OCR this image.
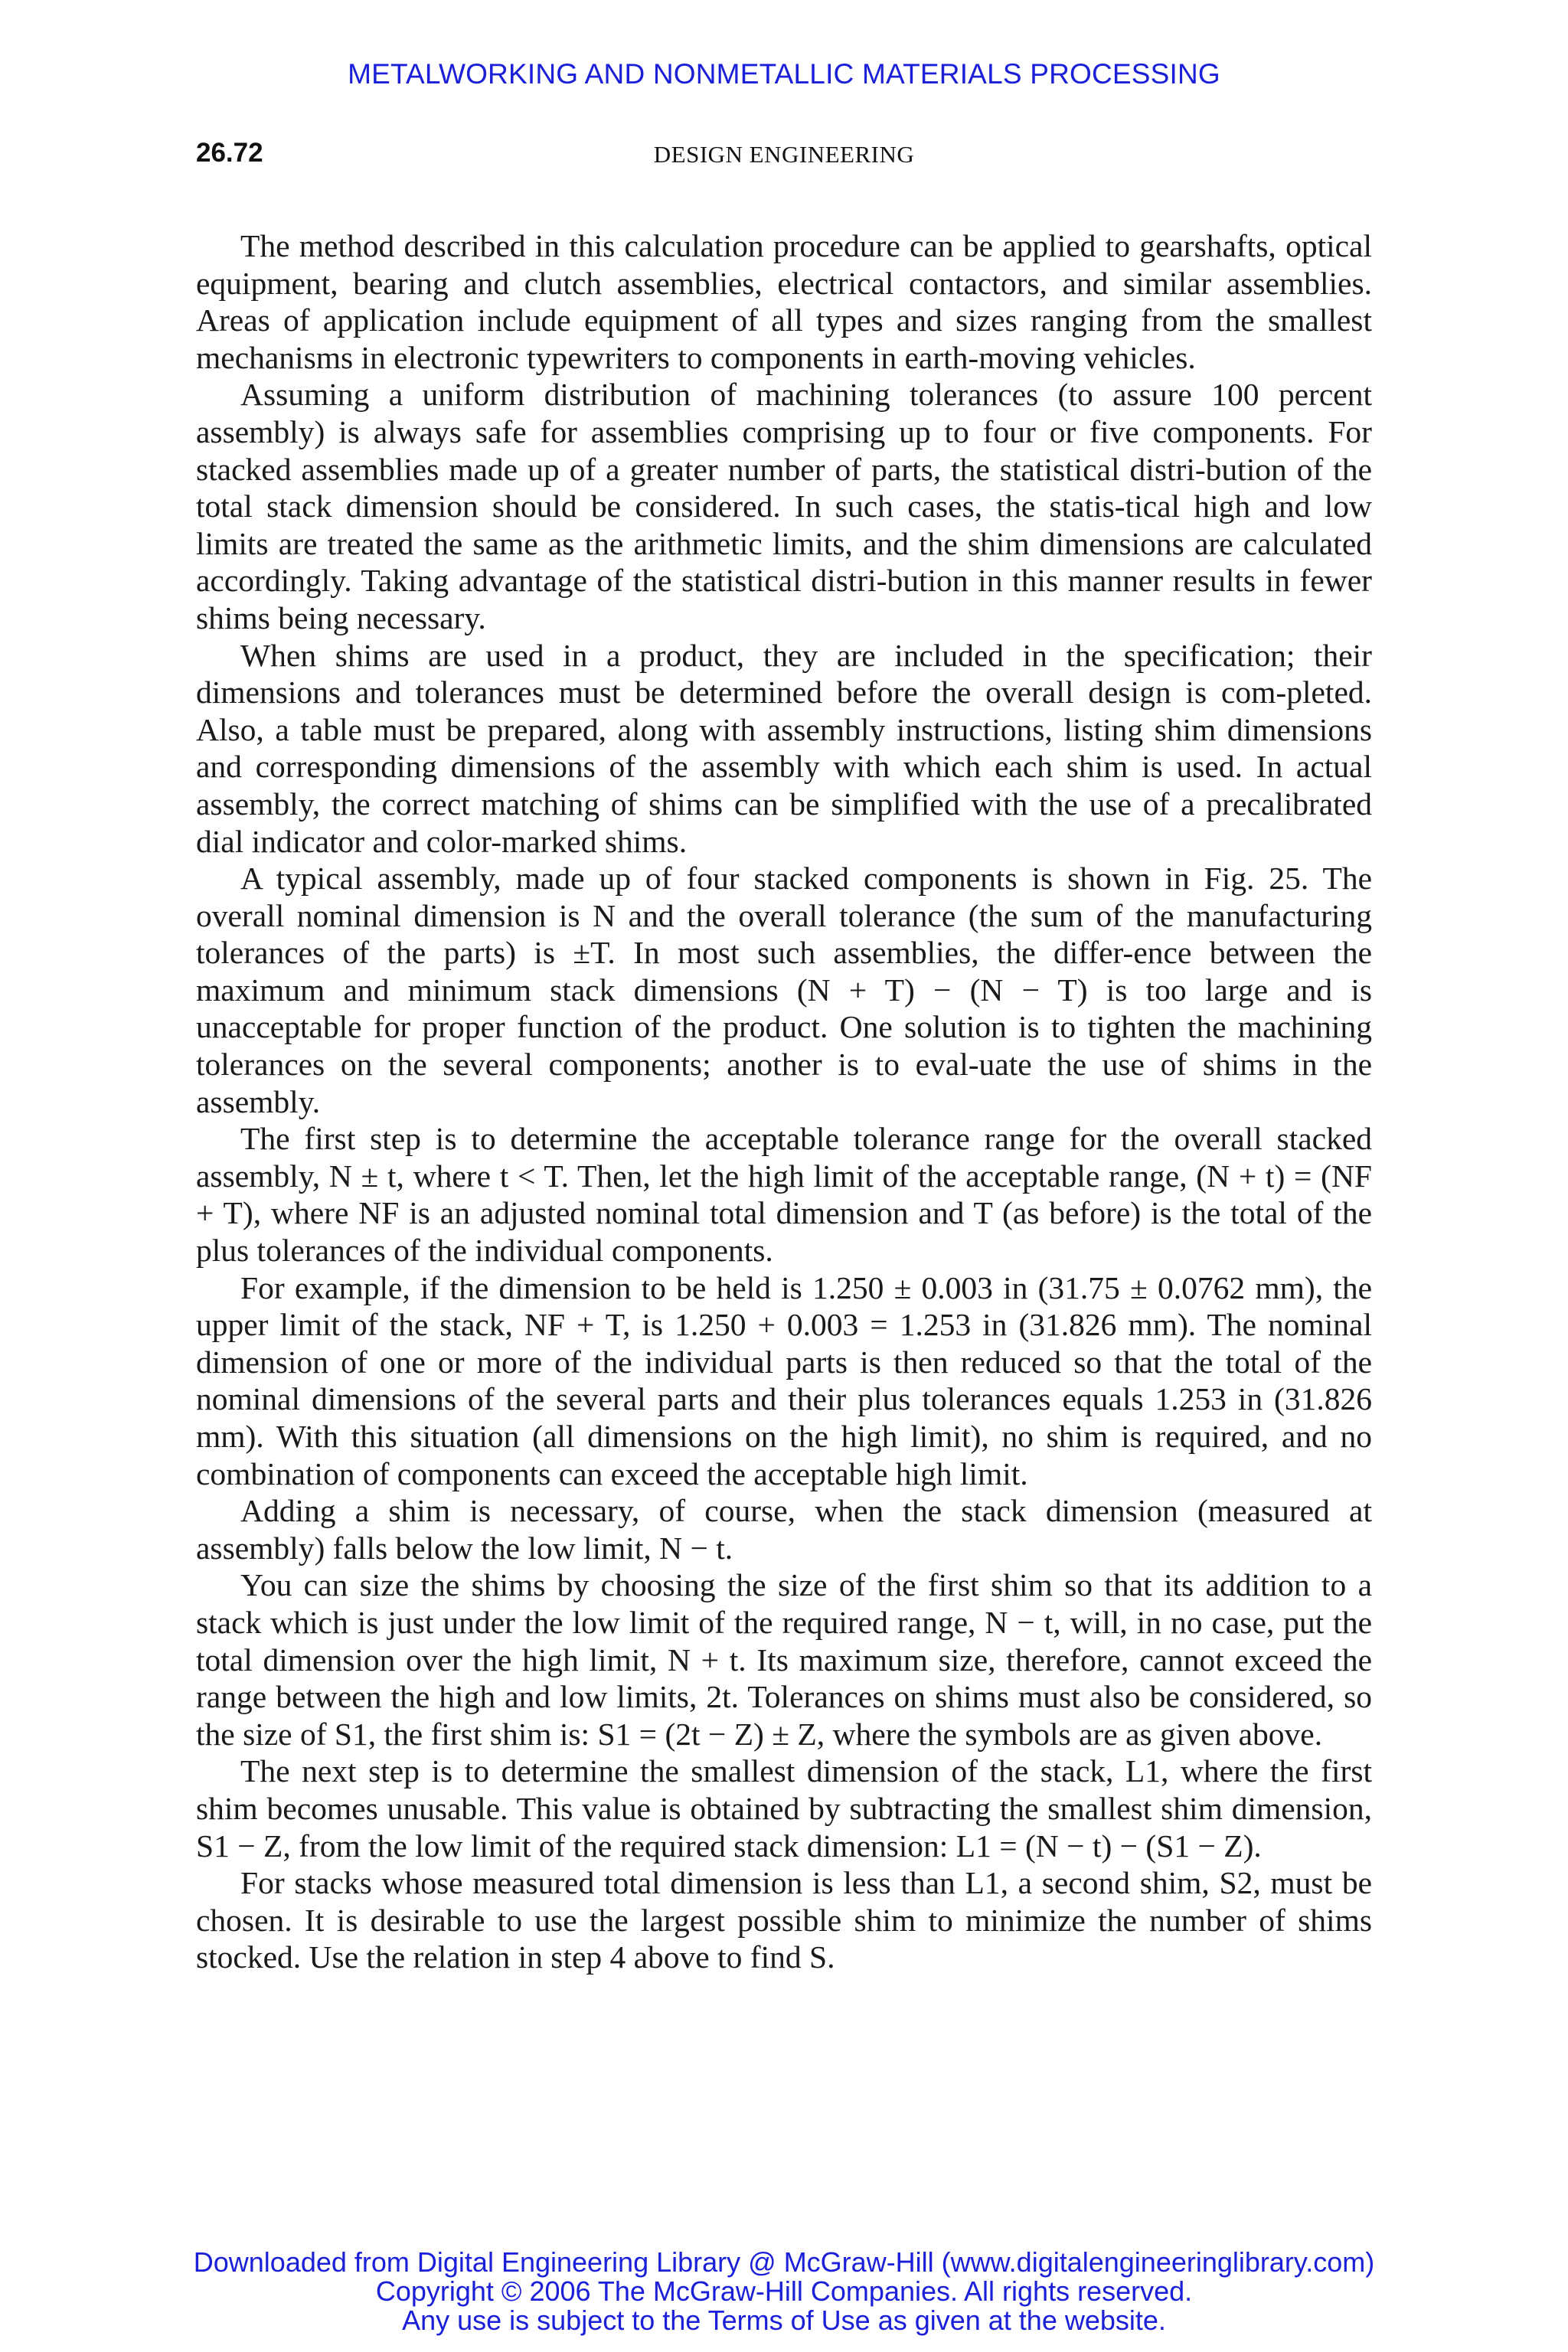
METALWORKING AND NONMETALLIC MATERIALS PROCESSING
26.72	DESIGN ENGINEERING

The method described in this calculation procedure can be applied to gearshafts, optical equipment, bearing and clutch assemblies, electrical contactors, and similar assemblies. Areas of application include equipment of all types and sizes ranging from the smallest mechanisms in electronic typewriters to components in earth-moving vehicles.

Assuming a uniform distribution of machining tolerances (to assure 100 percent assembly) is always safe for assemblies comprising up to four or five components. For stacked assemblies made up of a greater number of parts, the statistical distri-bution of the total stack dimension should be considered. In such cases, the statis-tical high and low limits are treated the same as the arithmetic limits, and the shim dimensions are calculated accordingly. Taking advantage of the statistical distri-bution in this manner results in fewer shims being necessary.

When shims are used in a product, they are included in the specification; their dimensions and tolerances must be determined before the overall design is com-pleted. Also, a table must be prepared, along with assembly instructions, listing shim dimensions and corresponding dimensions of the assembly with which each shim is used. In actual assembly, the correct matching of shims can be simplified with the use of a precalibrated dial indicator and color-marked shims.

A typical assembly, made up of four stacked components is shown in Fig. 25. The overall nominal dimension is N and the overall tolerance (the sum of the manufacturing tolerances of the parts) is ±T. In most such assemblies, the differ-ence between the maximum and minimum stack dimensions (N + T) − (N − T) is too large and is unacceptable for proper function of the product. One solution is to tighten the machining tolerances on the several components; another is to eval-uate the use of shims in the assembly.

The first step is to determine the acceptable tolerance range for the overall stacked assembly, N ± t, where t < T. Then, let the high limit of the acceptable range, (N + t) = (NF + T), where NF is an adjusted nominal total dimension and T (as before) is the total of the plus tolerances of the individual components.

For example, if the dimension to be held is 1.250 ± 0.003 in (31.75 ± 0.0762 mm), the upper limit of the stack, NF + T, is 1.250 + 0.003 = 1.253 in (31.826 mm). The nominal dimension of one or more of the individual parts is then reduced so that the total of the nominal dimensions of the several parts and their plus tolerances equals 1.253 in (31.826 mm). With this situation (all dimensions on the high limit), no shim is required, and no combination of components can exceed the acceptable high limit.

Adding a shim is necessary, of course, when the stack dimension (measured at assembly) falls below the low limit, N − t.

You can size the shims by choosing the size of the first shim so that its addition to a stack which is just under the low limit of the required range, N − t, will, in no case, put the total dimension over the high limit, N + t. Its maximum size, therefore, cannot exceed the range between the high and low limits, 2t. Tolerances on shims must also be considered, so the size of S1, the first shim is: S1 = (2t − Z) ± Z, where the symbols are as given above.

The next step is to determine the smallest dimension of the stack, L1, where the first shim becomes unusable. This value is obtained by subtracting the smallest shim dimension, S1 − Z, from the low limit of the required stack dimension: L1 = (N − t) − (S1 − Z).

For stacks whose measured total dimension is less than L1, a second shim, S2, must be chosen. It is desirable to use the largest possible shim to minimize the number of shims stocked. Use the relation in step 4 above to find S.

Downloaded from Digital Engineering Library @ McGraw-Hill (www.digitalengineeringlibrary.com)
Copyright © 2006 The McGraw-Hill Companies. All rights reserved.
Any use is subject to the Terms of Use as given at the website.
